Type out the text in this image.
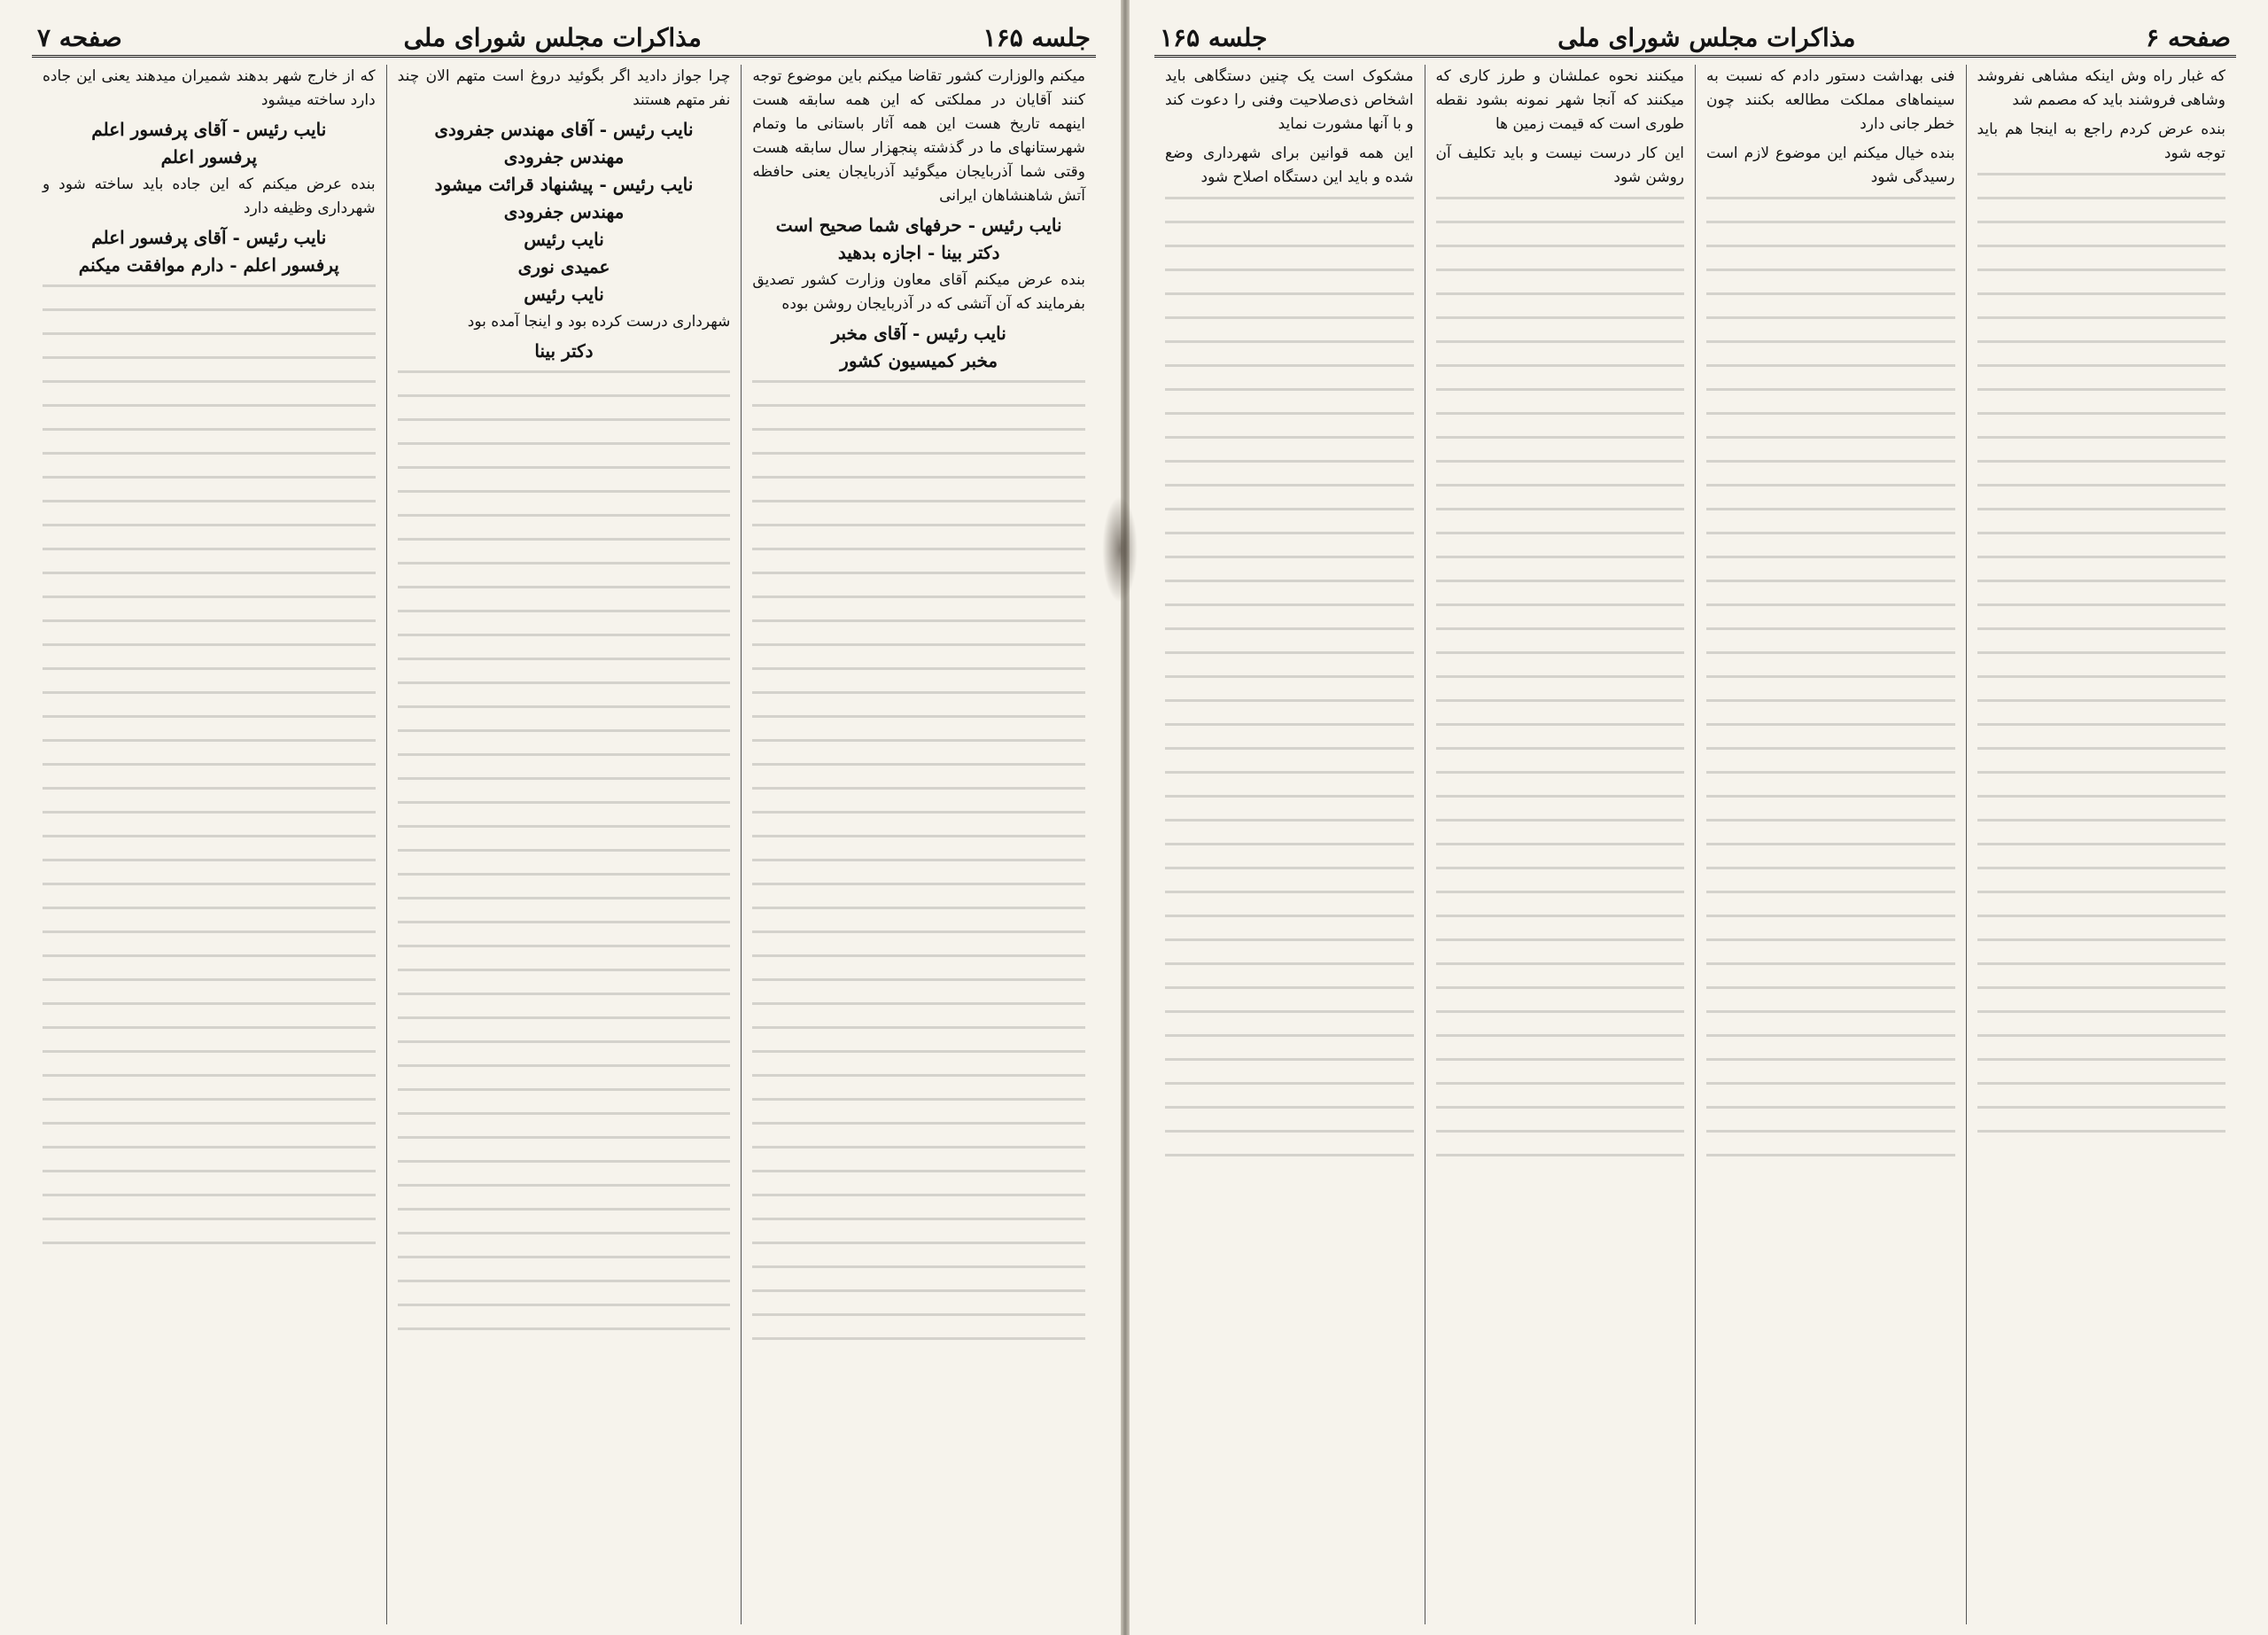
جلسه ۱۶۵
مذاکرات مجلس شورای ملی
صفحه ۷

میکنم والوزارت کشور تقاضا میکنم باین موضوع توجه کنند آقایان در مملکتی که این همه سابقه هست اینهمه تاریخ هست این همه آثار باستانی ما وتمام شهرستانهای ما در گذشته پنجهزار سال سابقه هست وقتی شما آذربایجان میگوئید آذربایجان یعنی حافظه آتش شاهنشاهان ایرانی

نایب رئیس - حرفهای شما صحیح است
دکتر بینا - اجازه بدهید

بنده عرض میکنم آقای معاون وزارت کشور تصدیق بفرمایند که آن آتشی که در آذربایجان روشن بوده

نایب رئیس - آقای مخبر
مخبر کمیسیون کشور

چرا جواز دادید اگر بگوئید دروغ است متهم الان چند نفر متهم هستند

نایب رئیس - آقای مهندس جفرودی
مهندس جفرودی
نایب رئیس - پیشنهاد قرائت میشود
مهندس جفرودی
نایب رئیس
عمیدی نوری
نایب رئیس

شهرداری درست کرده بود و اینجا آمده بود

دکتر بینا

که از خارج شهر بدهند شمیران میدهند یعنی این جاده دارد ساخته میشود

نایب رئیس - آقای پرفسور اعلم
پرفسور اعلم

بنده عرض میکنم که این جاده باید ساخته شود و شهرداری وظیفه دارد

نایب رئیس - آقای پرفسور اعلم
پرفسور اعلم - دارم موافقت میکنم
صفحه ۶
مذاکرات مجلس شورای ملی
جلسه ۱۶۵

که غبار راه وش اینکه مشاهی نفروشد وشاهی فروشند باید که مصمم شد

بنده عرض کردم راجع به اینجا هم باید توجه شود

فنی بهداشت دستور دادم که نسبت به سینماهای مملکت مطالعه بکنند چون خطر جانی دارد

بنده خیال میکنم این موضوع لازم است رسیدگی شود

میکنند نحوه عملشان و طرز کاری که میکنند که آنجا شهر نمونه بشود نقطه طوری است که قیمت زمین ها

این کار درست نیست و باید تکلیف آن روشن شود

مشکوک است یک چنین دستگاهی باید اشخاص ذی‌صلاحیت وفنی را دعوت کند و با آنها مشورت نماید

این همه قوانین برای شهرداری وضع شده و باید این دستگاه اصلاح شود
